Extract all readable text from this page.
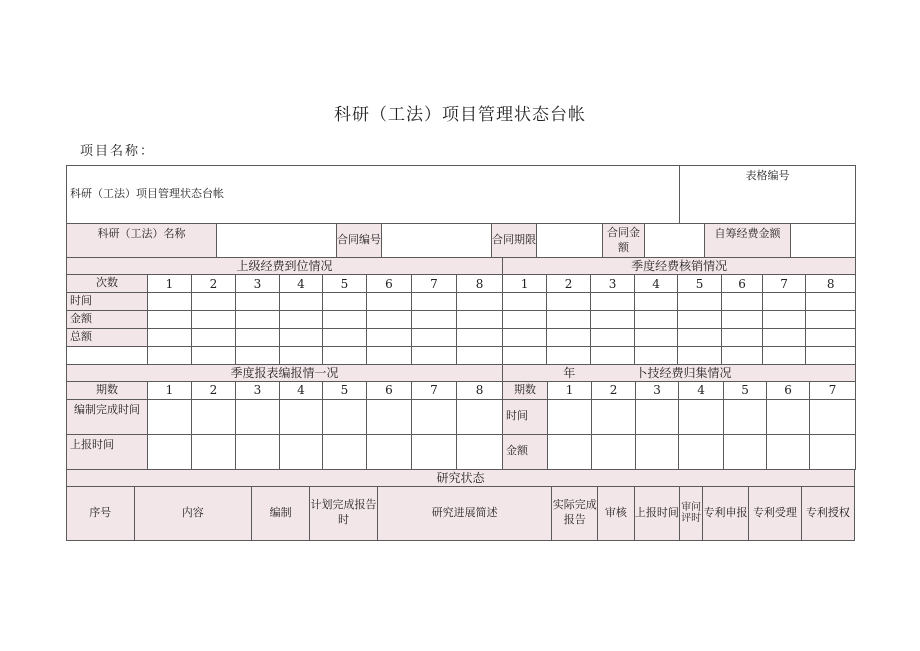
科研（工法）项目管理状态台帐
项目名称：
科研（工法）项目管理状态台帐	表格编号
科研（工法）名称		合同编号		合同期限		合同金额		自筹经费金额	
上级经费到位情况									季度经费核销情况							
次数	1	2	3	4	5	6	7	8	1	2	3	4	5	6	7	8
时间																
金额																
总额																

季度报表编报情一况									年			卜技经费归集情况				
期数	1	2	3	4	5	6	7	8	期数	1	2	3	4	5	6	7
编制完成时间									时间							
上报时间									金额							
研究状态
序号	内容	编制	计划完成报告时	研究进展简述	实际完成报告	审核	上报时间	审问评时	专利申报	专利受理	专利授权
